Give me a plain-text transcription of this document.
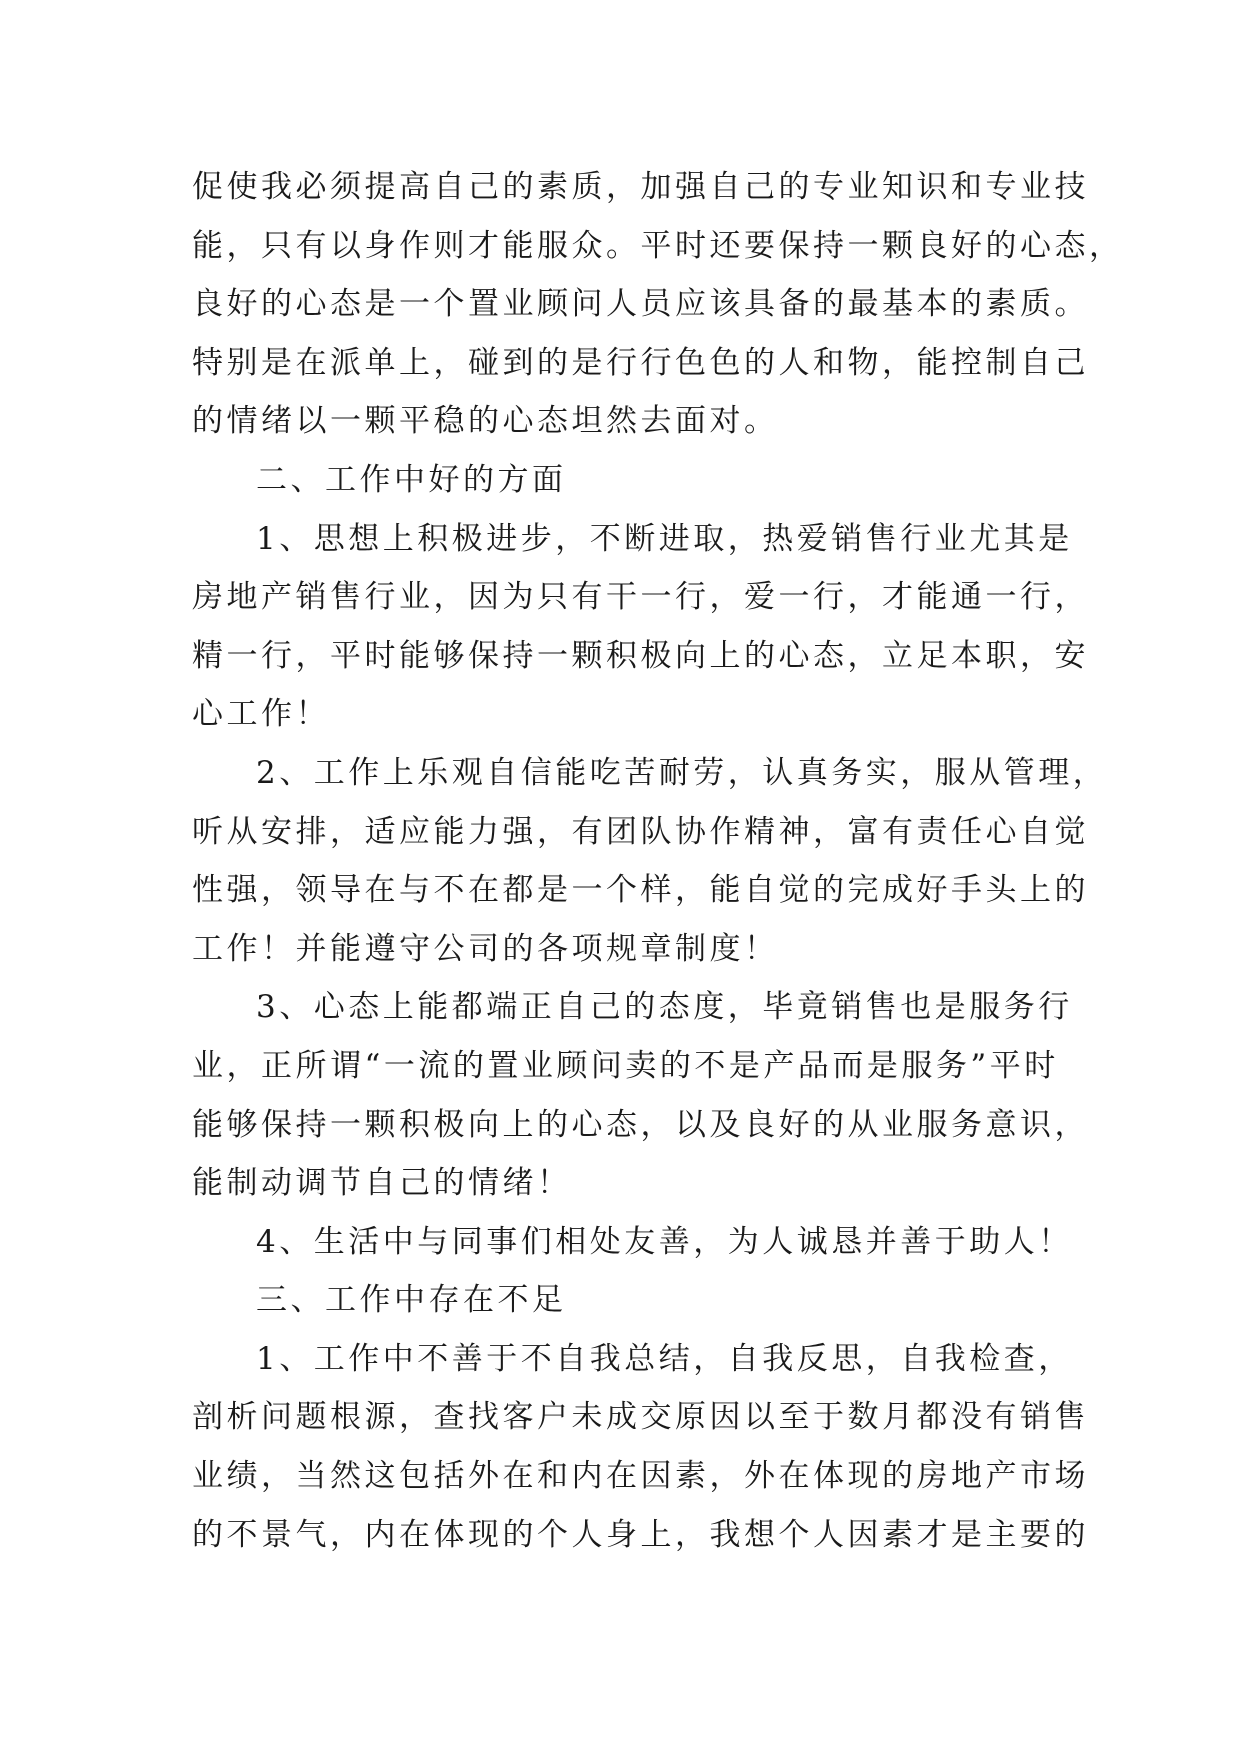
促使我必须提高自己的素质，加强自己的专业知识和专业技
能，只有以身作则才能服众。平时还要保持一颗良好的心态，
良好的心态是一个置业顾问人员应该具备的最基本的素质。
特别是在派单上，碰到的是行行色色的人和物，能控制自己
的情绪以一颗平稳的心态坦然去面对。
二、工作中好的方面
1、思想上积极进步，不断进取，热爱销售行业尤其是
房地产销售行业，因为只有干一行，爱一行，才能通一行，
精一行，平时能够保持一颗积极向上的心态，立足本职，安
心工作！
2、工作上乐观自信能吃苦耐劳，认真务实，服从管理，
听从安排，适应能力强，有团队协作精神，富有责任心自觉
性强，领导在与不在都是一个样，能自觉的完成好手头上的
工作！并能遵守公司的各项规章制度！
3、心态上能都端正自己的态度，毕竟销售也是服务行
业，正所谓“一流的置业顾问卖的不是产品而是服务”平时
能够保持一颗积极向上的心态，以及良好的从业服务意识，
能制动调节自己的情绪！
4、生活中与同事们相处友善，为人诚恳并善于助人！
三、工作中存在不足
1、工作中不善于不自我总结，自我反思，自我检查，
剖析问题根源，查找客户未成交原因以至于数月都没有销售
业绩，当然这包括外在和内在因素，外在体现的房地产市场
的不景气，内在体现的个人身上，我想个人因素才是主要的
